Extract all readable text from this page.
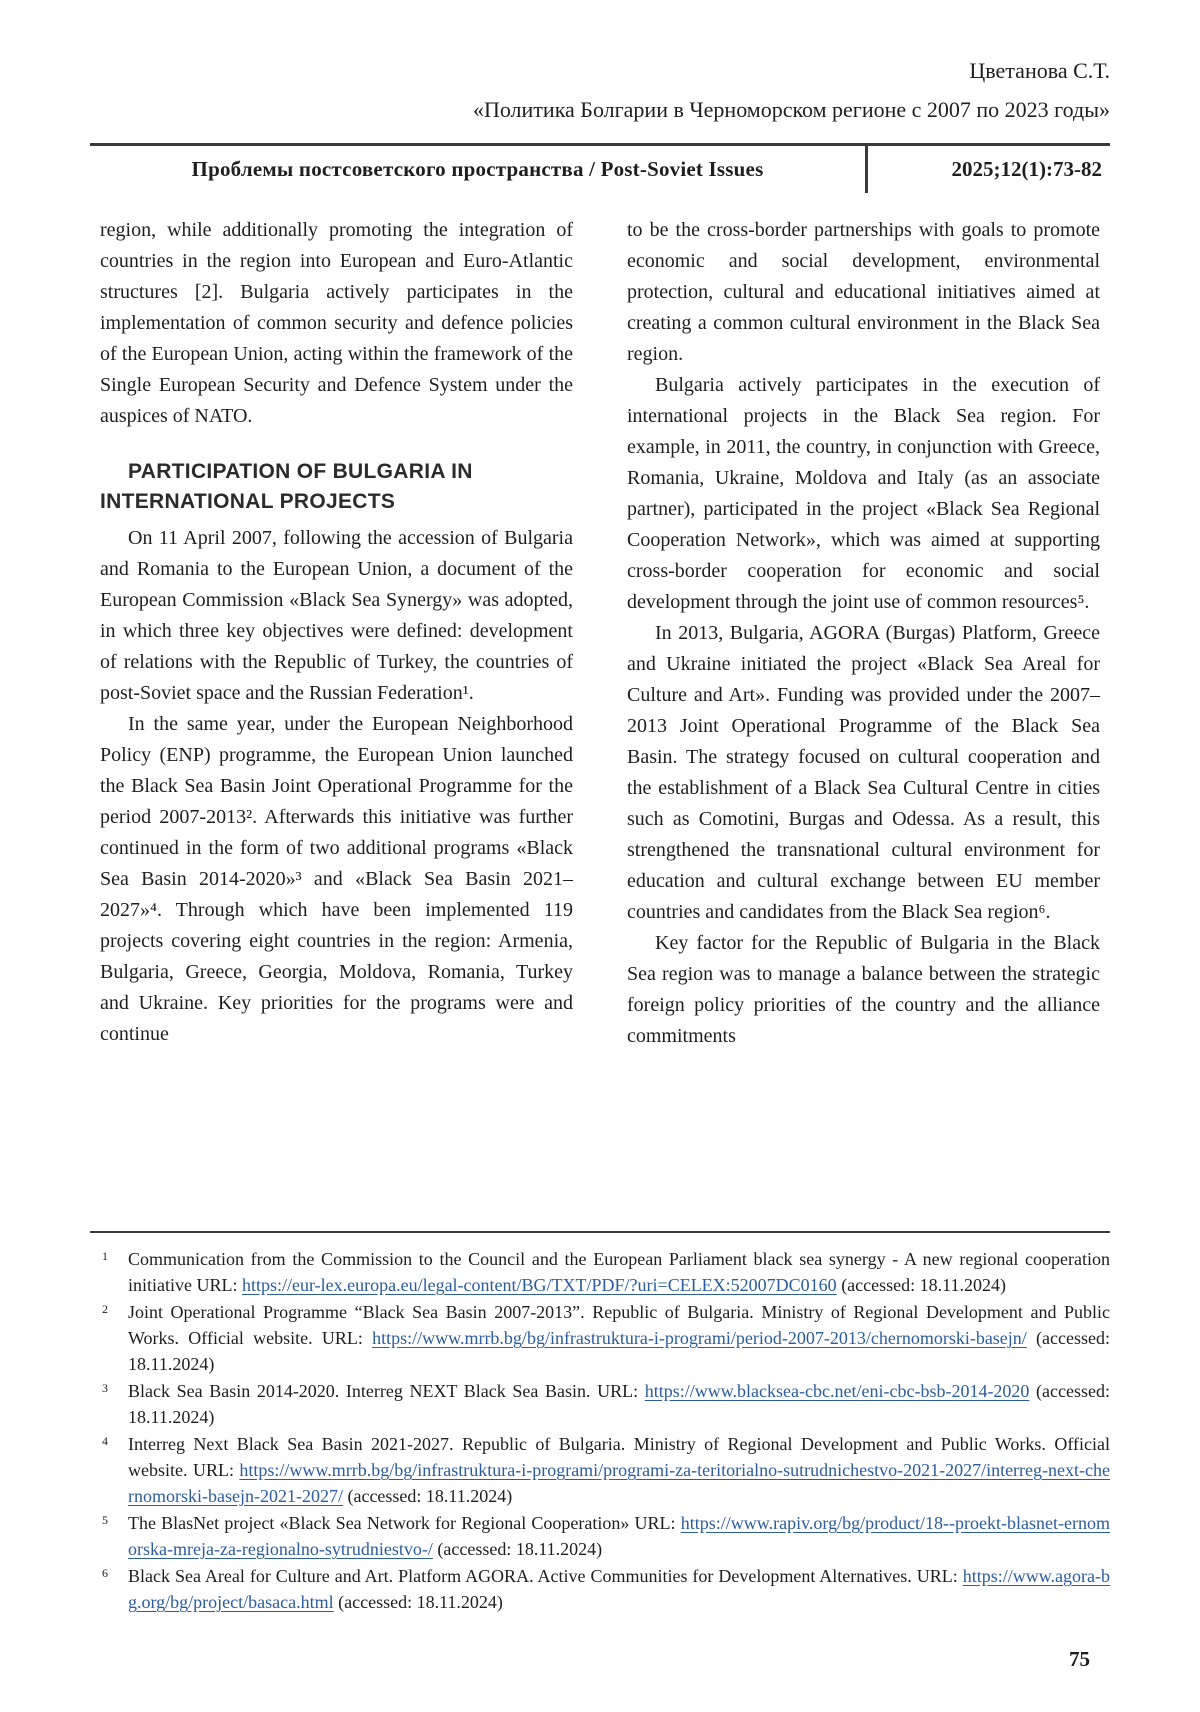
Цветанова С.Т.
«Политика Болгарии в Черноморском регионе с 2007 по 2023 годы»
Проблемы постсоветского пространства / Post-Soviet Issues	2025;12(1):73-82

region, while additionally promoting the integration of countries in the region into European and Euro-Atlantic structures [2]. Bulgaria actively participates in the implementation of common security and defence policies of the European Union, acting within the framework of the Single European Security and Defence System under the auspices of NATO.

PARTICIPATION OF BULGARIA IN INTERNATIONAL PROJECTS

On 11 April 2007, following the accession of Bulgaria and Romania to the European Union, a document of the European Commission «Black Sea Synergy» was adopted, in which three key objectives were defined: development of relations with the Republic of Turkey, the countries of post-Soviet space and the Russian Federation¹.

In the same year, under the European Neighborhood Policy (ENP) programme, the European Union launched the Black Sea Basin Joint Operational Programme for the period 2007-2013². Afterwards this initiative was further continued in the form of two additional programs «Black Sea Basin 2014-2020»³ and «Black Sea Basin 2021–2027»⁴. Through which have been implemented 119 projects covering eight countries in the region: Armenia, Bulgaria, Greece, Georgia, Moldova, Romania, Turkey and Ukraine. Key priorities for the programs were and continue

to be the cross-border partnerships with goals to promote economic and social development, environmental protection, cultural and educational initiatives aimed at creating a common cultural environment in the Black Sea region.

Bulgaria actively participates in the execution of international projects in the Black Sea region. For example, in 2011, the country, in conjunction with Greece, Romania, Ukraine, Moldova and Italy (as an associate partner), participated in the project «Black Sea Regional Cooperation Network», which was aimed at supporting cross-border cooperation for economic and social development through the joint use of common resources⁵.

In 2013, Bulgaria, AGORA (Burgas) Platform, Greece and Ukraine initiated the project «Black Sea Areal for Culture and Art». Funding was provided under the 2007–2013 Joint Operational Programme of the Black Sea Basin. The strategy focused on cultural cooperation and the establishment of a Black Sea Cultural Centre in cities such as Comotini, Burgas and Odessa. As a result, this strengthened the transnational cultural environment for education and cultural exchange between EU member countries and candidates from the Black Sea region⁶.

Key factor for the Republic of Bulgaria in the Black Sea region was to manage a balance between the strategic foreign policy priorities of the country and the alliance commitments

1 Communication from the Commission to the Council and the European Parliament black sea synergy - A new regional cooperation initiative URL: https://eur-lex.europa.eu/legal-content/BG/TXT/PDF/?uri=CELEX:52007DC0160 (accessed: 18.11.2024)
2 Joint Operational Programme “Black Sea Basin 2007-2013”. Republic of Bulgaria. Ministry of Regional Development and Public Works. Official website. URL: https://www.mrrb.bg/bg/infrastruktura-i-programi/period-2007-2013/chernomorski-basejn/ (accessed: 18.11.2024)
3 Black Sea Basin 2014-2020. Interreg NEXT Black Sea Basin. URL: https://www.blacksea-cbc.net/eni-cbc-bsb-2014-2020 (accessed: 18.11.2024)
4 Interreg Next Black Sea Basin 2021-2027. Republic of Bulgaria. Ministry of Regional Development and Public Works. Official website. URL: https://www.mrrb.bg/bg/infrastruktura-i-programi/programi-za-teritorialno-sutrudnichestvo-2021-2027/interreg-next-chernomorski-basejn-2021-2027/ (accessed: 18.11.2024)
5 The BlasNet project «Black Sea Network for Regional Cooperation» URL: https://www.rapiv.org/bg/product/18--proekt-blasnet-ernomorska-mreja-za-regionalno-sytrudniestvo-/ (accessed: 18.11.2024)
6 Black Sea Areal for Culture and Art. Platform AGORA. Active Communities for Development Alternatives. URL: https://www.agora-bg.org/bg/project/basaca.html (accessed: 18.11.2024)
75
